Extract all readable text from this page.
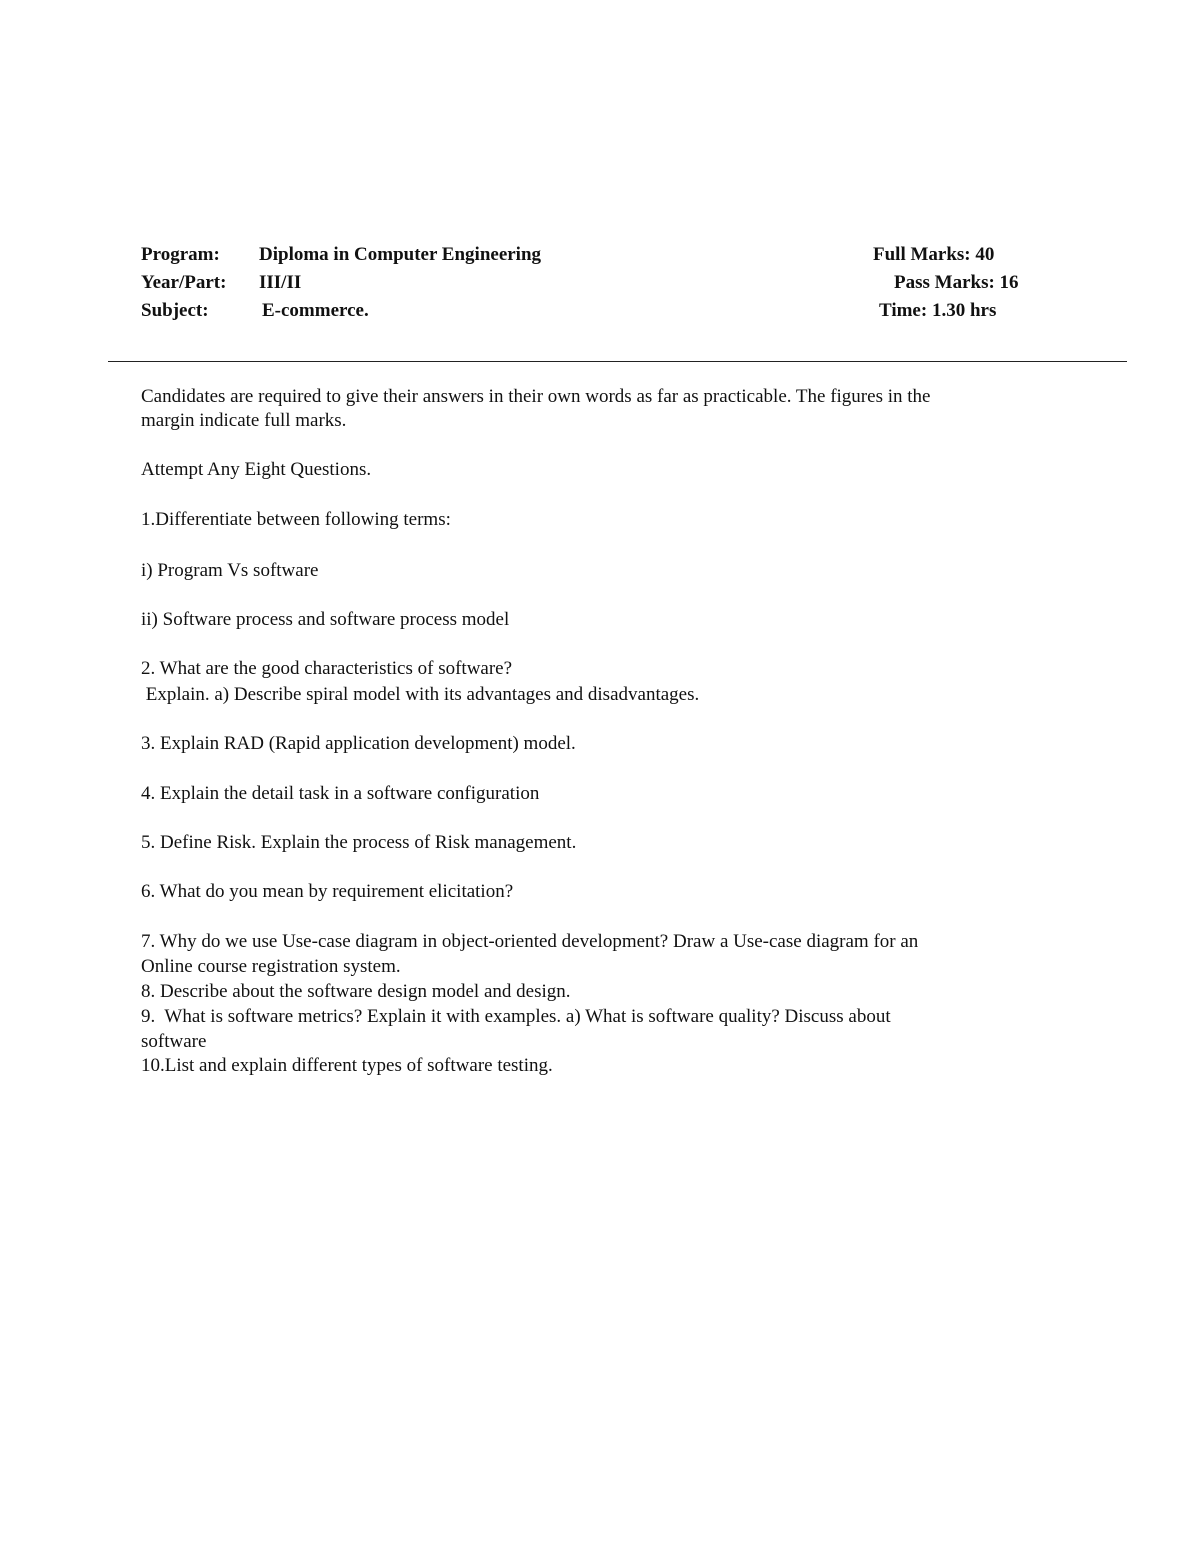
Program: Diploma in Computer Engineering	Full Marks: 40
Year/Part: III/II	Pass Marks: 16
Subject:	E-commerce.	Time: 1.30 hrs
Candidates are required to give their answers in their own words as far as practicable. The figures in the
margin indicate full marks.
Attempt Any Eight Questions.
1.Differentiate between following terms:
i) Program Vs software
ii) Software process and software process model
2. What are the good characteristics of software?
Explain. a) Describe spiral model with its advantages and disadvantages.
3. Explain RAD (Rapid application development) model.
4. Explain the detail task in a software configuration
5. Define Risk. Explain the process of Risk management.
6. What do you mean by requirement elicitation?
7. Why do we use Use-case diagram in object-oriented development? Draw a Use-case diagram for an
Online course registration system.
8. Describe about the software design model and design.
9.  What is software metrics? Explain it with examples. a) What is software quality? Discuss about
software
10.List and explain different types of software testing.
